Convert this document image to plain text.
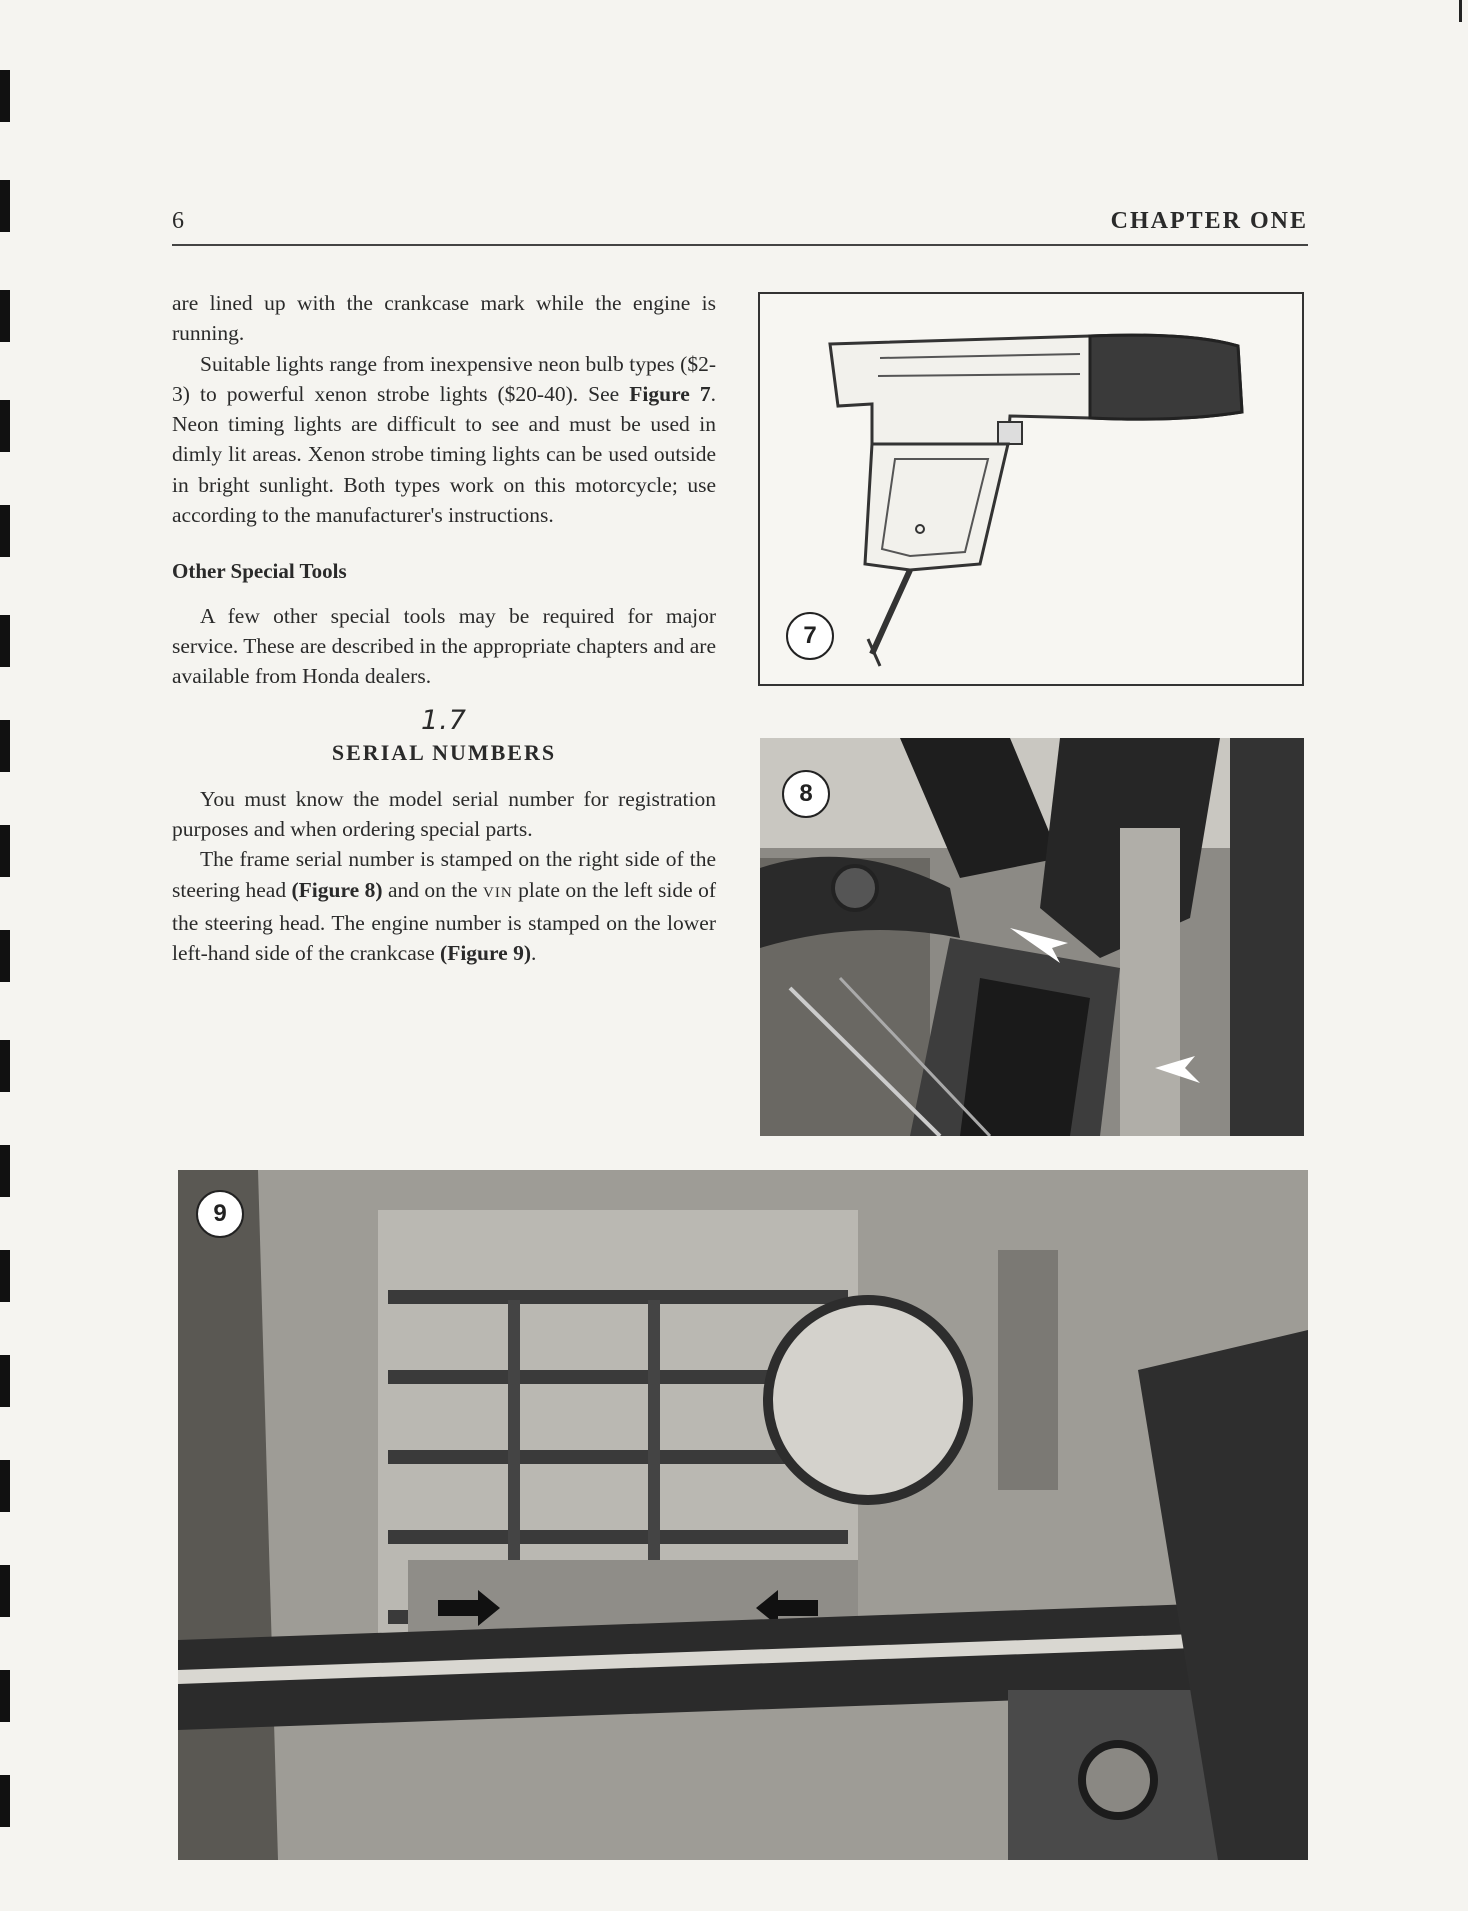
6	CHAPTER ONE

are lined up with the crankcase mark while the engine is running.

Suitable lights range from inexpensive neon bulb types ($2-3) to powerful xenon strobe lights ($20-40). See Figure 7. Neon timing lights are difficult to see and must be used in dimly lit areas. Xenon strobe timing lights can be used outside in bright sunlight. Both types work on this motorcycle; use according to the manufacturer's instructions.

Other Special Tools

A few other special tools may be required for major service. These are described in the appropriate chapters and are available from Honda dealers.

1.7
SERIAL NUMBERS

You must know the model serial number for registration purposes and when ordering special parts.

The frame serial number is stamped on the right side of the steering head (Figure 8) and on the VIN plate on the left side of the steering head. The engine number is stamped on the lower left-hand side of the crankcase (Figure 9).

7
8
9
